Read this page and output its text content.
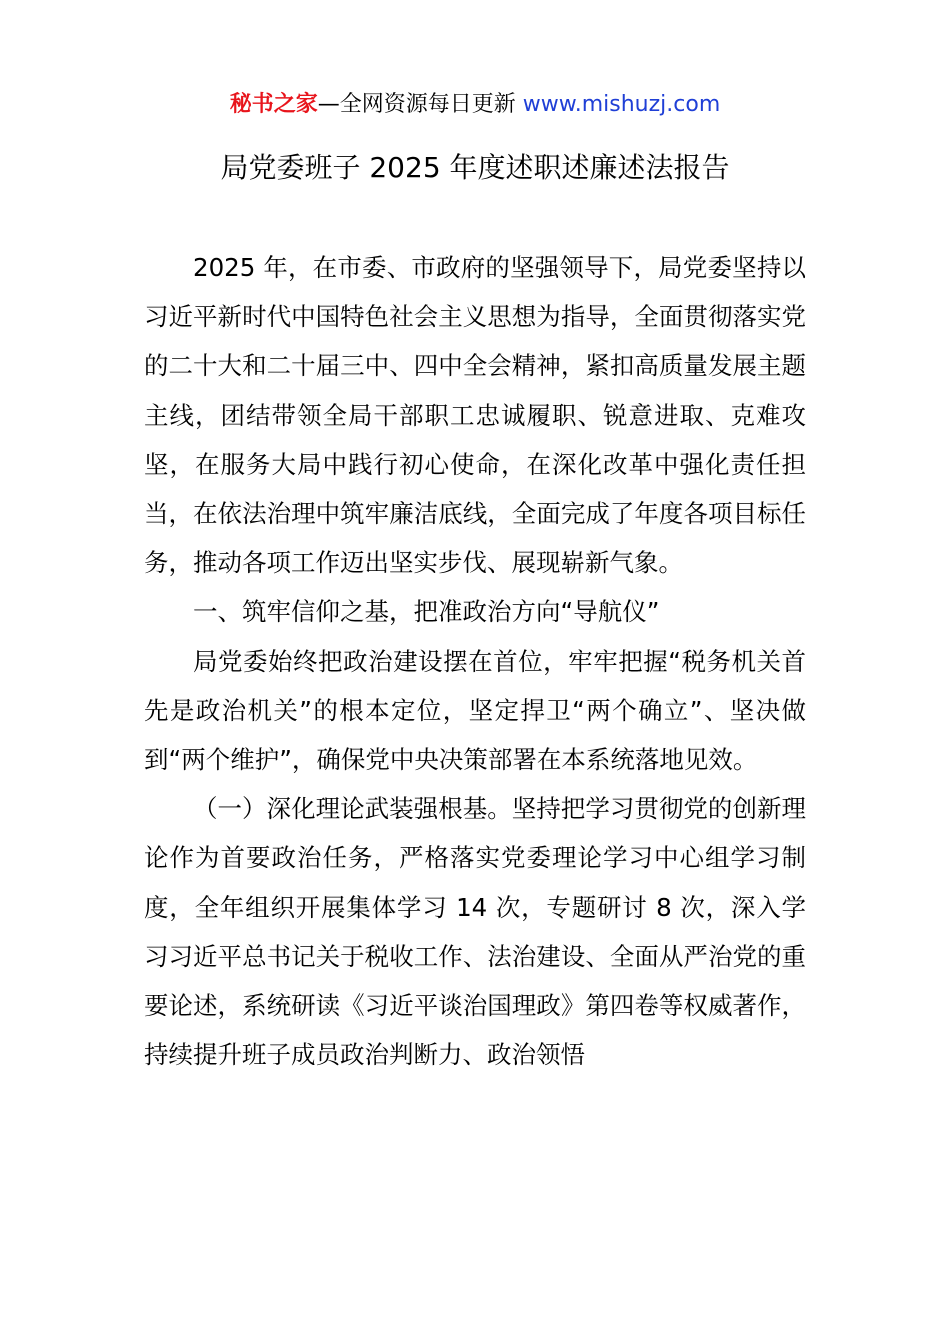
秘书之家—全网资源每日更新 www.mishuzj.com
局党委班子 2025 年度述职述廉述法报告

2025 年，在市委、市政府的坚强领导下，局党委坚持以习近平新时代中国特色社会主义思想为指导，全面贯彻落实党的二十大和二十届三中、四中全会精神，紧扣高质量发展主题主线，团结带领全局干部职工忠诚履职、锐意进取、克难攻坚，在服务大局中践行初心使命，在深化改革中强化责任担当，在依法治理中筑牢廉洁底线，全面完成了年度各项目标任务，推动各项工作迈出坚实步伐、展现崭新气象。

一、筑牢信仰之基，把准政治方向“导航仪”

局党委始终把政治建设摆在首位，牢牢把握“税务机关首先是政治机关”的根本定位，坚定捍卫“两个确立”、坚决做到“两个维护”，确保党中央决策部署在本系统落地见效。

（一）深化理论武装强根基。坚持把学习贯彻党的创新理论作为首要政治任务，严格落实党委理论学习中心组学习制度，全年组织开展集体学习 14 次，专题研讨 8 次，深入学习习近平总书记关于税收工作、法治建设、全面从严治党的重要论述，系统研读《习近平谈治国理政》第四卷等权威著作，持续提升班子成员政治判断力、政治领悟
